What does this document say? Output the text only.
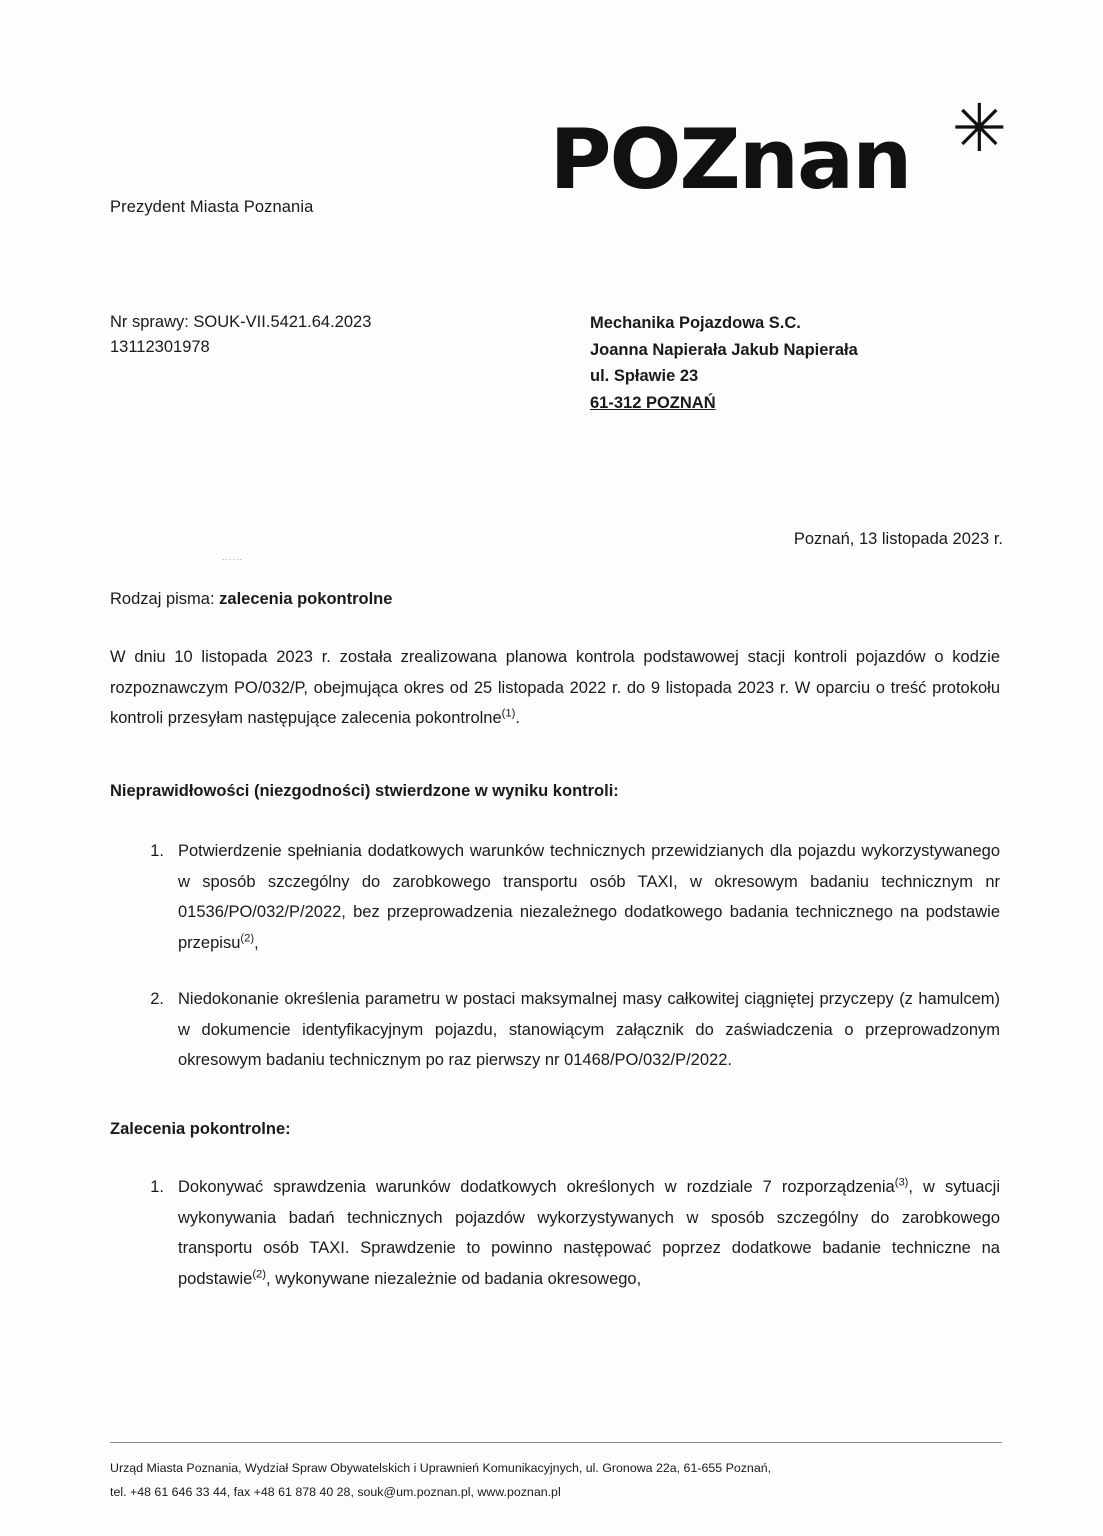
POZnan ✳
Prezydent Miasta Poznania
Nr sprawy: SOUK-VII.5421.64.2023
13112301978
Mechanika Pojazdowa S.C.
Joanna Napierała Jakub Napierała
ul. Spławie 23
61-312 POZNAŃ
Poznań, 13 listopada 2023 r.
......
Rodzaj pisma: zalecenia pokontrolne
W dniu 10 listopada 2023 r. została zrealizowana planowa kontrola podstawowej stacji kontroli pojazdów o kodzie rozpoznawczym PO/032/P, obejmująca okres od 25 listopada 2022 r. do 9 listopada 2023 r. W oparciu o treść protokołu kontroli przesyłam następujące zalecenia pokontrolne$^{(1)}$.
Nieprawidłowości (niezgodności) stwierdzone w wyniku kontroli:
1. Potwierdzenie spełniania dodatkowych warunków technicznych przewidzianych dla pojazdu wykorzystywanego w sposób szczególny do zarobkowego transportu osób TAXI, w okresowym badaniu technicznym nr 01536/PO/032/P/2022, bez przeprowadzenia niezależnego dodatkowego badania technicznego na podstawie przepisu$^{(2)}$,
2. Niedokonanie określenia parametru w postaci maksymalnej masy całkowitej ciągniętej przyczepy (z hamulcem) w dokumencie identyfikacyjnym pojazdu, stanowiącym załącznik do zaświadczenia o przeprowadzonym okresowym badaniu technicznym po raz pierwszy nr 01468/PO/032/P/2022.
Zalecenia pokontrolne:
1. Dokonywać sprawdzenia warunków dodatkowych określonych w rozdziale 7 rozporządzenia$^{(3)}$, w sytuacji wykonywania badań technicznych pojazdów wykorzystywanych w sposób szczególny do zarobkowego transportu osób TAXI. Sprawdzenie to powinno następować poprzez dodatkowe badanie techniczne na podstawie$^{(2)}$, wykonywane niezależnie od badania okresowego,
Urząd Miasta Poznania, Wydział Spraw Obywatelskich i Uprawnień Komunikacyjnych, ul. Gronowa 22a, 61-655 Poznań,
tel. +48 61 646 33 44, fax +48 61 878 40 28, souk@um.poznan.pl, www.poznan.pl
